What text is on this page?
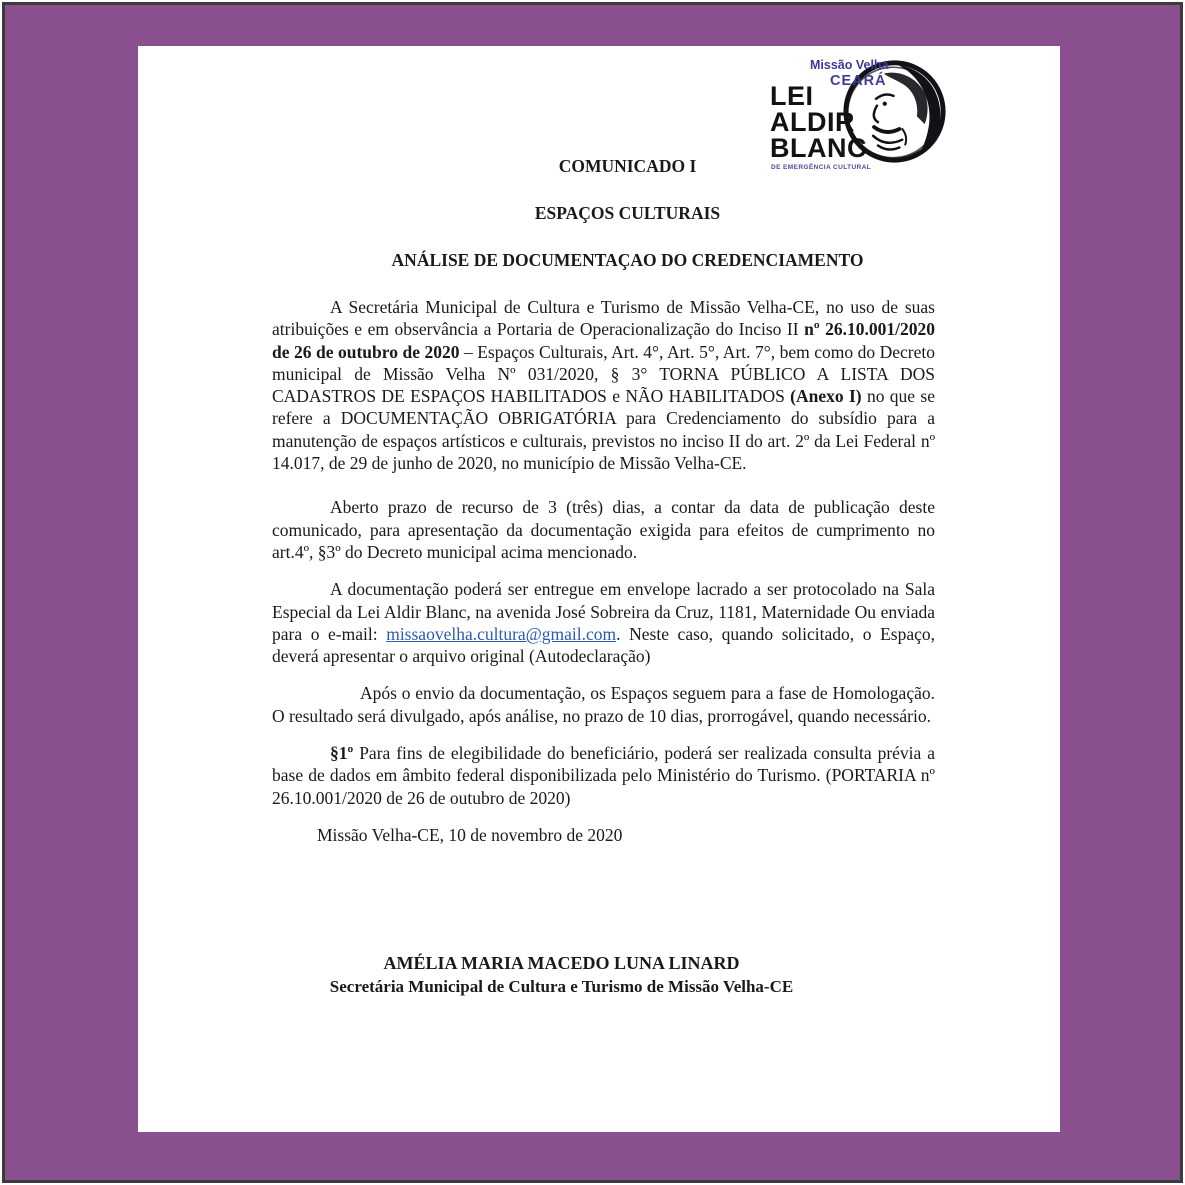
Missão Velha
CEARÁ
LEI
ALDIR
BLANC
DE EMERGÊNCIA CULTURAL
COMUNICADO I
ESPAÇOS CULTURAIS
ANÁLISE DE DOCUMENTAÇAO DO CREDENCIAMENTO

A Secretária Municipal de Cultura e Turismo de Missão Velha-CE, no uso de suas atribuições e em observância a Portaria de Operacionalização do Inciso II nº 26.10.001/2020 de 26 de outubro de 2020 – Espaços Culturais, Art. 4°, Art. 5°, Art. 7°, bem como do Decreto municipal de Missão Velha Nº 031/2020, § 3° TORNA PÚBLICO A LISTA DOS CADASTROS DE ESPAÇOS HABILITADOS e NÃO HABILITADOS (Anexo I) no que se refere a DOCUMENTAÇÃO OBRIGATÓRIA para Credenciamento do subsídio para a manutenção de espaços artísticos e culturais, previstos no inciso II do art. 2º da Lei Federal nº 14.017, de 29 de junho de 2020, no município de Missão Velha-CE.

Aberto prazo de recurso de 3 (três) dias, a contar da data de publicação deste comunicado, para apresentação da documentação exigida para efeitos de cumprimento no art.4º, §3º do Decreto municipal acima mencionado.

A documentação poderá ser entregue em envelope lacrado a ser protocolado na Sala Especial da Lei Aldir Blanc, na avenida José Sobreira da Cruz, 1181, Maternidade Ou enviada para o e-mail: missaovelha.cultura@gmail.com. Neste caso, quando solicitado, o Espaço, deverá apresentar o arquivo original (Autodeclaração)

Após o envio da documentação, os Espaços seguem para a fase de Homologação. O resultado será divulgado, após análise, no prazo de 10 dias, prorrogável, quando necessário.

§1º Para fins de elegibilidade do beneficiário, poderá ser realizada consulta prévia a base de dados em âmbito federal disponibilizada pelo Ministério do Turismo. (PORTARIA nº 26.10.001/2020 de 26 de outubro de 2020)

Missão Velha-CE, 10 de novembro de 2020

AMÉLIA MARIA MACEDO LUNA LINARD

Secretária Municipal de Cultura e Turismo de Missão Velha-CE
